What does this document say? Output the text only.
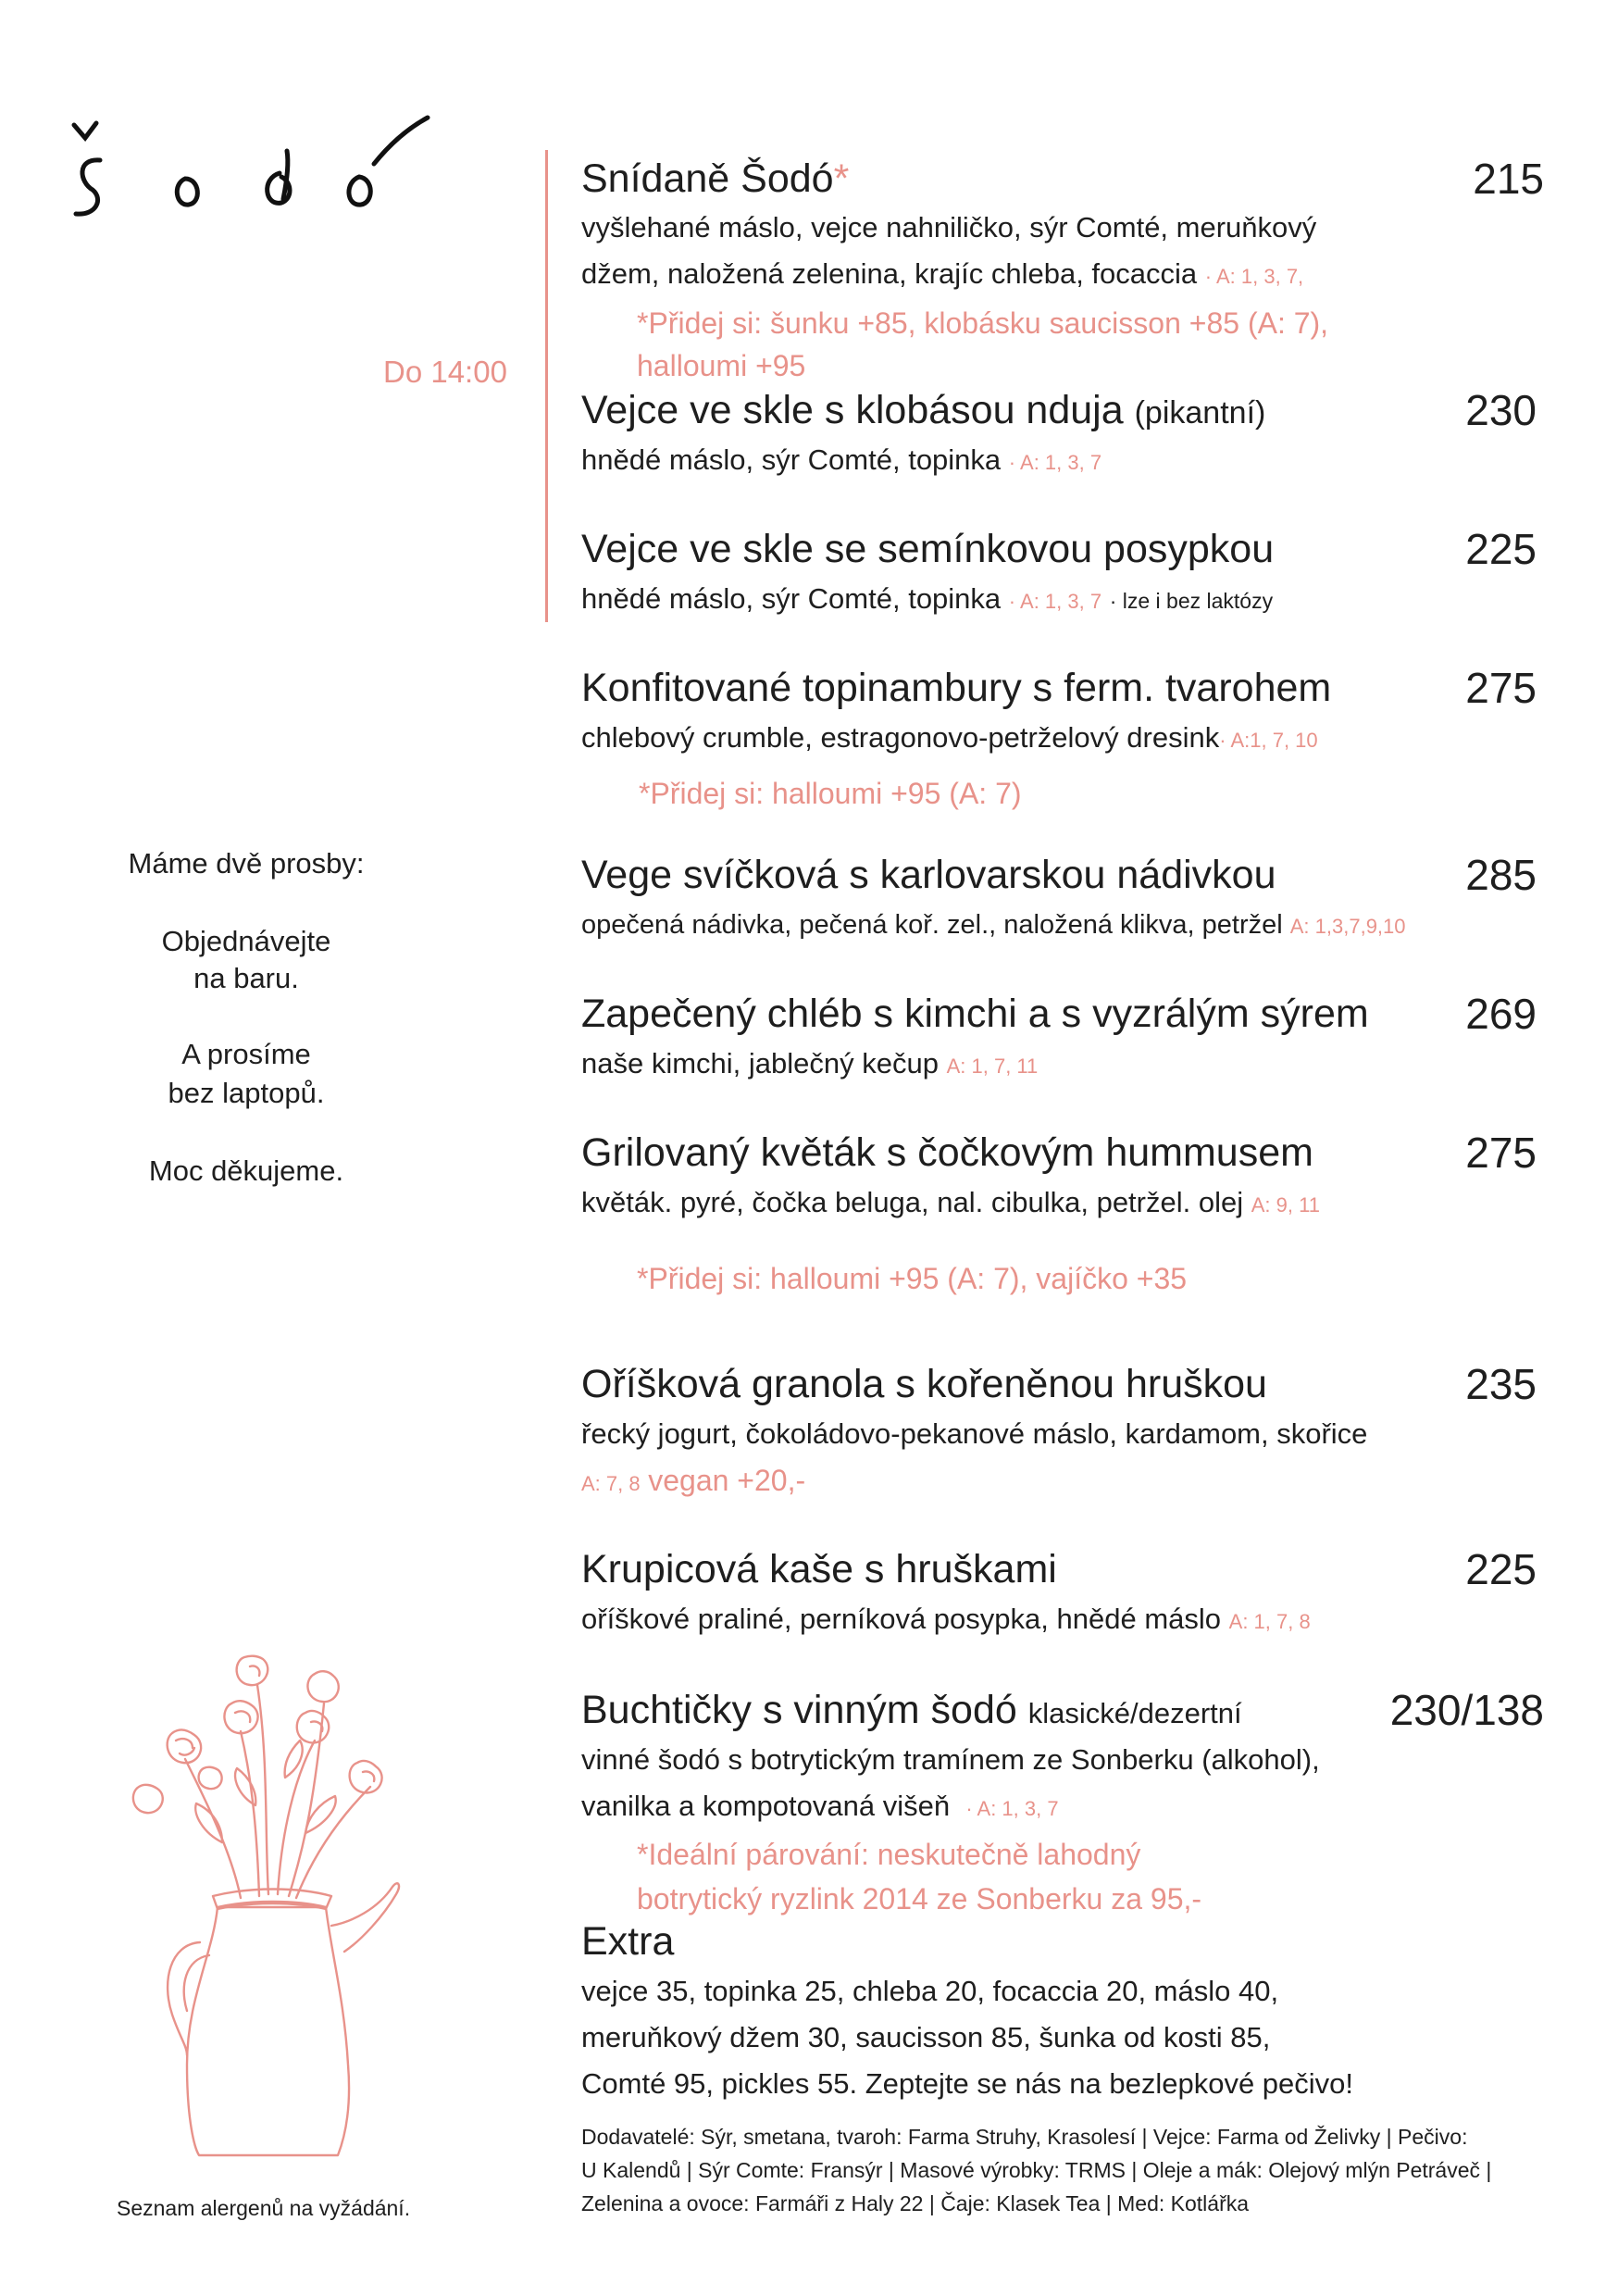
Do 14:00
Máme dvě prosby:
Objednávejte
na baru.
A prosíme
bez laptopů.
Moc děkujeme.
Seznam alergenů na vyžádání.
Snídaně Šodó*	215
vyšlehané máslo, vejce nahniličko, sýr Comté, meruňkový
džem, naložená zelenina, krajíc chleba, focaccia · A: 1, 3, 7,
*Přidej si: šunku +85, klobásku saucisson +85 (A: 7),
halloumi +95
Vejce ve skle s klobásou nduja (pikantní)	230
hnědé máslo, sýr Comté, topinka · A: 1, 3, 7
Vejce ve skle se semínkovou posypkou	225
hnědé máslo, sýr Comté, topinka · A: 1, 3, 7 · lze i bez laktózy
Konfitované topinambury s ferm. tvarohem	275
chlebový crumble, estragonovo-petrželový dresink· A:1, 7, 10
*Přidej si: halloumi +95 (A: 7)
Vege svíčková s karlovarskou nádivkou	285
opečená nádivka, pečená koř. zel., naložená klikva, petržel A: 1,3,7,9,10
Zapečený chléb s kimchi a s vyzrálým sýrem 269
naše kimchi, jablečný kečup A: 1, 7, 11
Grilovaný květák s čočkovým hummusem	275
květák. pyré, čočka beluga, nal. cibulka, petržel. olej A: 9, 11
*Přidej si: halloumi +95 (A: 7), vajíčko +35
Oříšková granola s kořeněnou hruškou	235
řecký jogurt, čokoládovo-pekanové máslo, kardamom, skořice
A: 7, 8 vegan +20,-
Krupicová kaše s hruškami	225
oříškové praliné, perníková posypka, hnědé máslo A: 1, 7, 8
Buchtičky s vinným šodó klasické/dezertní	230/138
vinné šodó s botrytickým tramínem ze Sonberku (alkohol),
vanilka a kompotovaná višeň · A: 1, 3, 7
*Ideální párování: neskutečně lahodný
botrytický ryzlink 2014 ze Sonberku za 95,-
Extra
vejce 35, topinka 25, chleba 20, focaccia 20, máslo 40,
meruňkový džem 30, saucisson 85, šunka od kosti 85,
Comté 95, pickles 55. Zeptejte se nás na bezlepkové pečivo!
Dodavatelé: Sýr, smetana, tvaroh: Farma Struhy, Krasolesí | Vejce: Farma od Želivky | Pečivo:
U Kalendů | Sýr Comte: Fransýr | Masové výrobky: TRMS | Oleje a mák: Olejový mlýn Petráveč |
Zelenina a ovoce: Farmáři z Haly 22 | Čaje: Klasek Tea | Med: Kotlářka
